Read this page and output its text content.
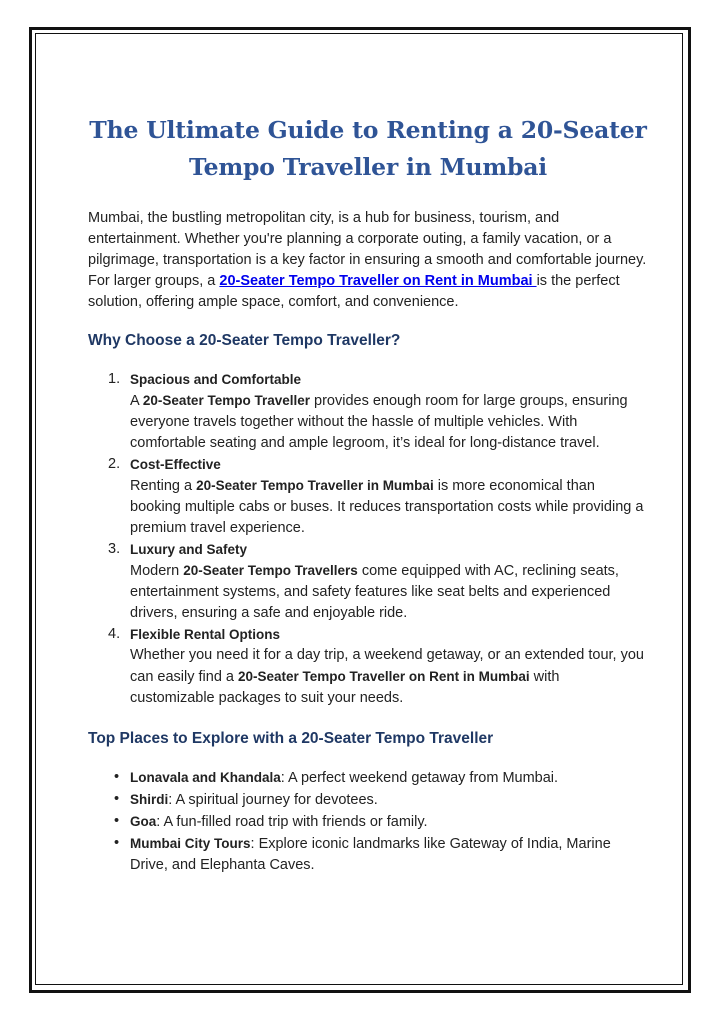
The Ultimate Guide to Renting a 20-Seater Tempo Traveller in Mumbai

Mumbai, the bustling metropolitan city, is a hub for business, tourism, and entertainment. Whether you're planning a corporate outing, a family vacation, or a pilgrimage, transportation is a key factor in ensuring a smooth and comfortable journey. For larger groups, a 20-Seater Tempo Traveller on Rent in Mumbai is the perfect solution, offering ample space, comfort, and convenience.

Why Choose a 20-Seater Tempo Traveller?
1. Spacious and Comfortable
A 20-Seater Tempo Traveller provides enough room for large groups, ensuring everyone travels together without the hassle of multiple vehicles. With comfortable seating and ample legroom, it’s ideal for long-distance travel.
2. Cost-Effective
Renting a 20-Seater Tempo Traveller in Mumbai is more economical than booking multiple cabs or buses. It reduces transportation costs while providing a premium travel experience.
3. Luxury and Safety
Modern 20-Seater Tempo Travellers come equipped with AC, reclining seats, entertainment systems, and safety features like seat belts and experienced drivers, ensuring a safe and enjoyable ride.
4. Flexible Rental Options
Whether you need it for a day trip, a weekend getaway, or an extended tour, you can easily find a 20-Seater Tempo Traveller on Rent in Mumbai with customizable packages to suit your needs.
Top Places to Explore with a 20-Seater Tempo Traveller
• Lonavala and Khandala: A perfect weekend getaway from Mumbai.
• Shirdi: A spiritual journey for devotees.
• Goa: A fun-filled road trip with friends or family.
• Mumbai City Tours: Explore iconic landmarks like Gateway of India, Marine Drive, and Elephanta Caves.
